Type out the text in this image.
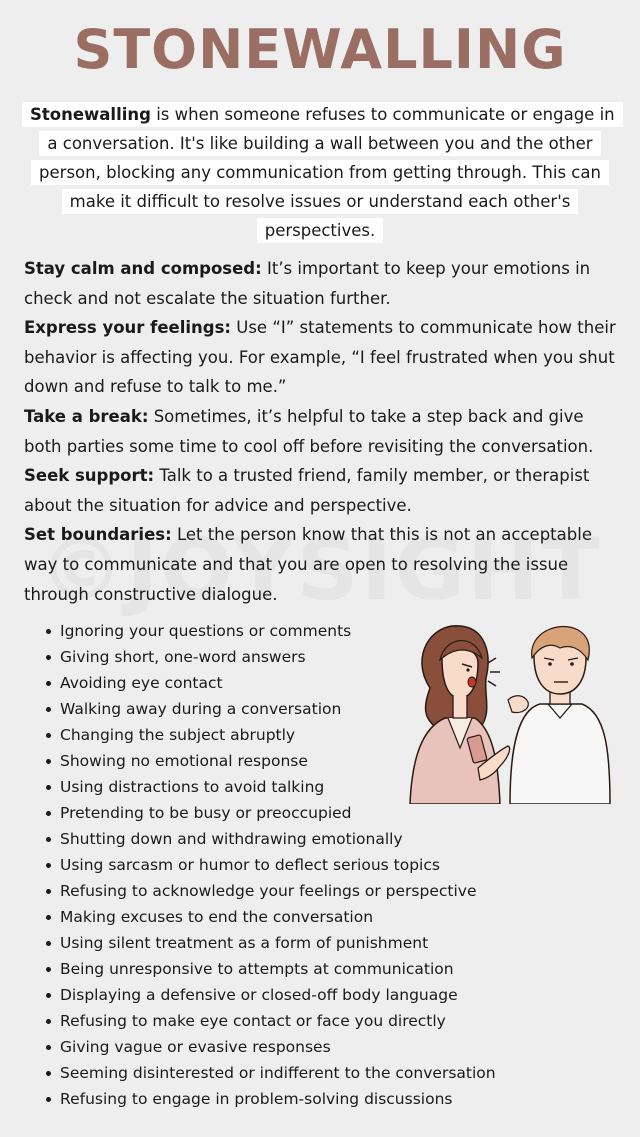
STONEWALLING
Stonewalling is when someone refuses to communicate or engage in a conversation. It's like building a wall between you and the other person, blocking any communication from getting through. This can make it difficult to resolve issues or understand each other's perspectives.

Stay calm and composed: It’s important to keep your emotions in check and not escalate the situation further.

Express your feelings: Use “I” statements to communicate how their behavior is affecting you. For example, “I feel frustrated when you shut down and refuse to talk to me.”

Take a break: Sometimes, it’s helpful to take a step back and give both parties some time to cool off before revisiting the conversation.

Seek support: Talk to a trusted friend, family member, or therapist about the situation for advice and perspective.

Set boundaries: Let the person know that this is not an acceptable way to communicate and that you are open to resolving the issue through constructive dialogue.

Ignoring your questions or comments
Giving short, one-word answers
Avoiding eye contact
Walking away during a conversation
Changing the subject abruptly
Showing no emotional response
Using distractions to avoid talking
Pretending to be busy or preoccupied
Shutting down and withdrawing emotionally
Using sarcasm or humor to deflect serious topics
Refusing to acknowledge your feelings or perspective
Making excuses to end the conversation
Using silent treatment as a form of punishment
Being unresponsive to attempts at communication
Displaying a defensive or closed-off body language
Refusing to make eye contact or face you directly
Giving vague or evasive responses
Seeming disinterested or indifferent to the conversation
Refusing to engage in problem-solving discussions
